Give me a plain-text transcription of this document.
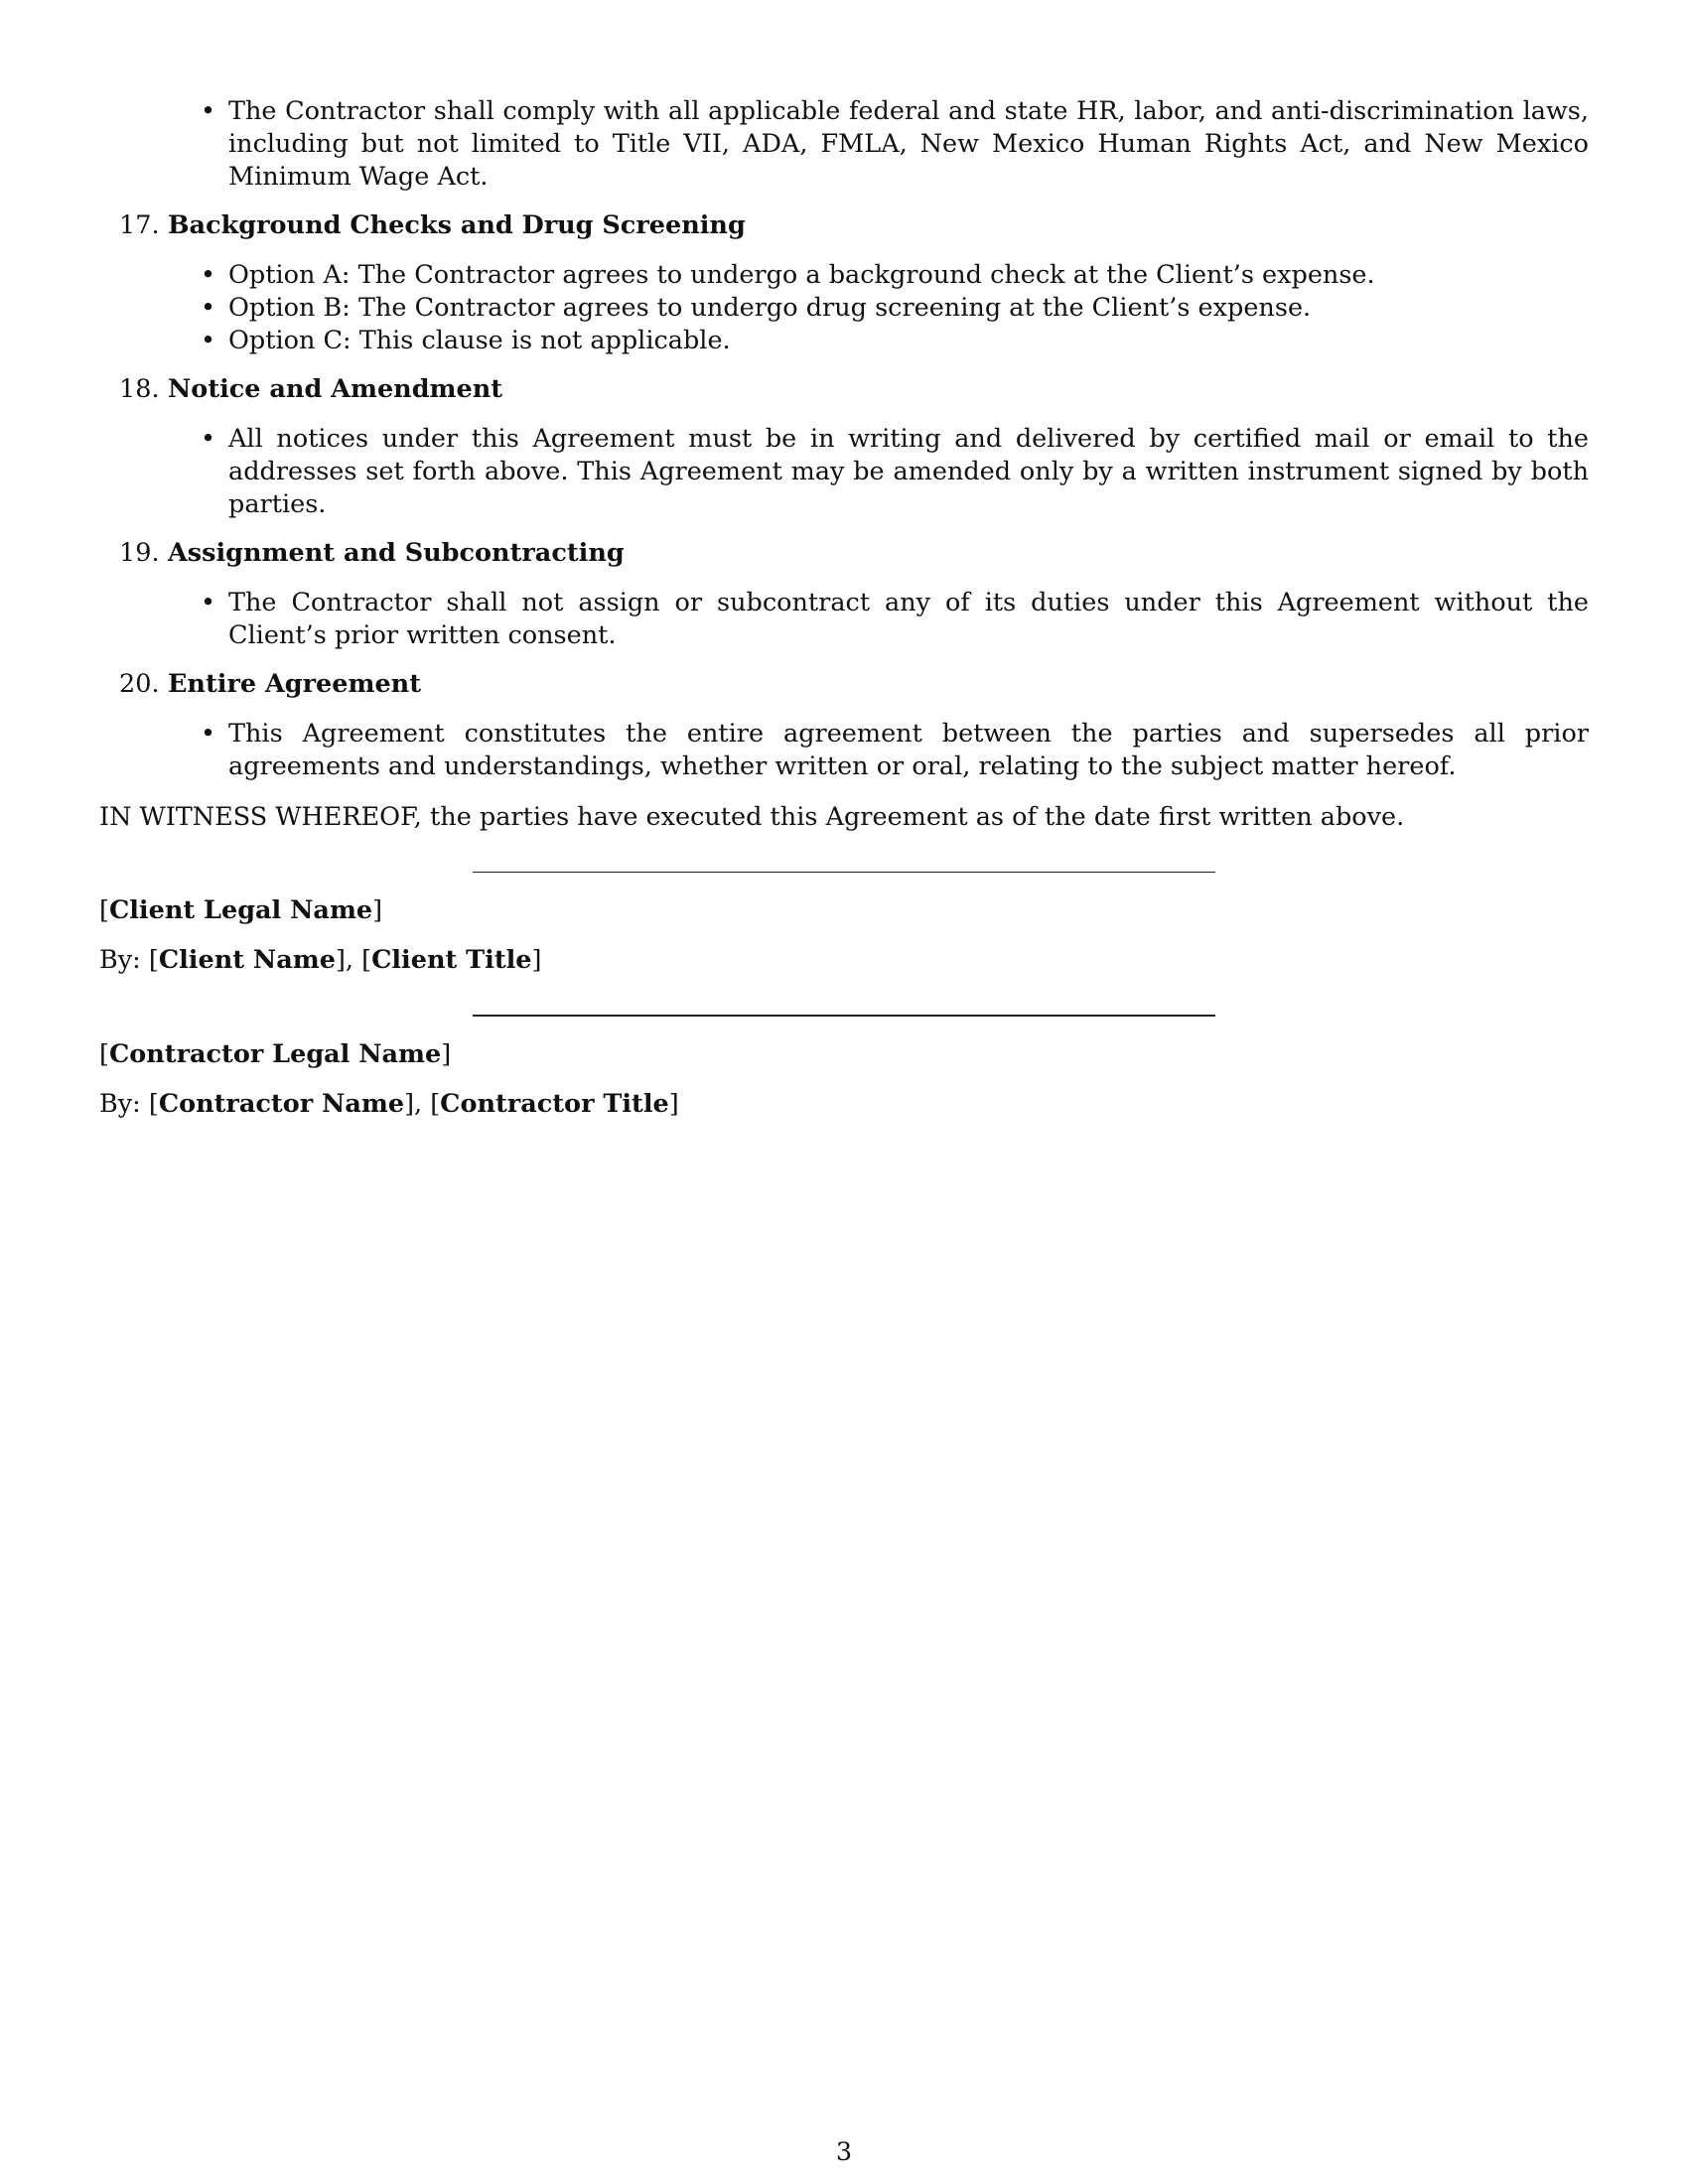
• The Contractor shall comply with all applicable federal and state HR, labor, and anti-discrimination laws, including but not limited to Title VII, ADA, FMLA, New Mexico Human Rights Act, and New Mexico Minimum Wage Act.
17. Background Checks and Drug Screening
• Option A: The Contractor agrees to undergo a background check at the Client’s expense.
• Option B: The Contractor agrees to undergo drug screening at the Client’s expense.
• Option C: This clause is not applicable.
18. Notice and Amendment
• All notices under this Agreement must be in writing and delivered by certified mail or email to the addresses set forth above. This Agreement may be amended only by a written instrument signed by both parties.
19. Assignment and Subcontracting
• The Contractor shall not assign or subcontract any of its duties under this Agreement without the Client’s prior written consent.
20. Entire Agreement
• This Agreement constitutes the entire agreement between the parties and supersedes all prior agreements and understandings, whether written or oral, relating to the subject matter hereof.
IN WITNESS WHEREOF, the parties have executed this Agreement as of the date first written above.
[Client Legal Name]
By: [Client Name], [Client Title]
[Contractor Legal Name]
By: [Contractor Name], [Contractor Title]
3
